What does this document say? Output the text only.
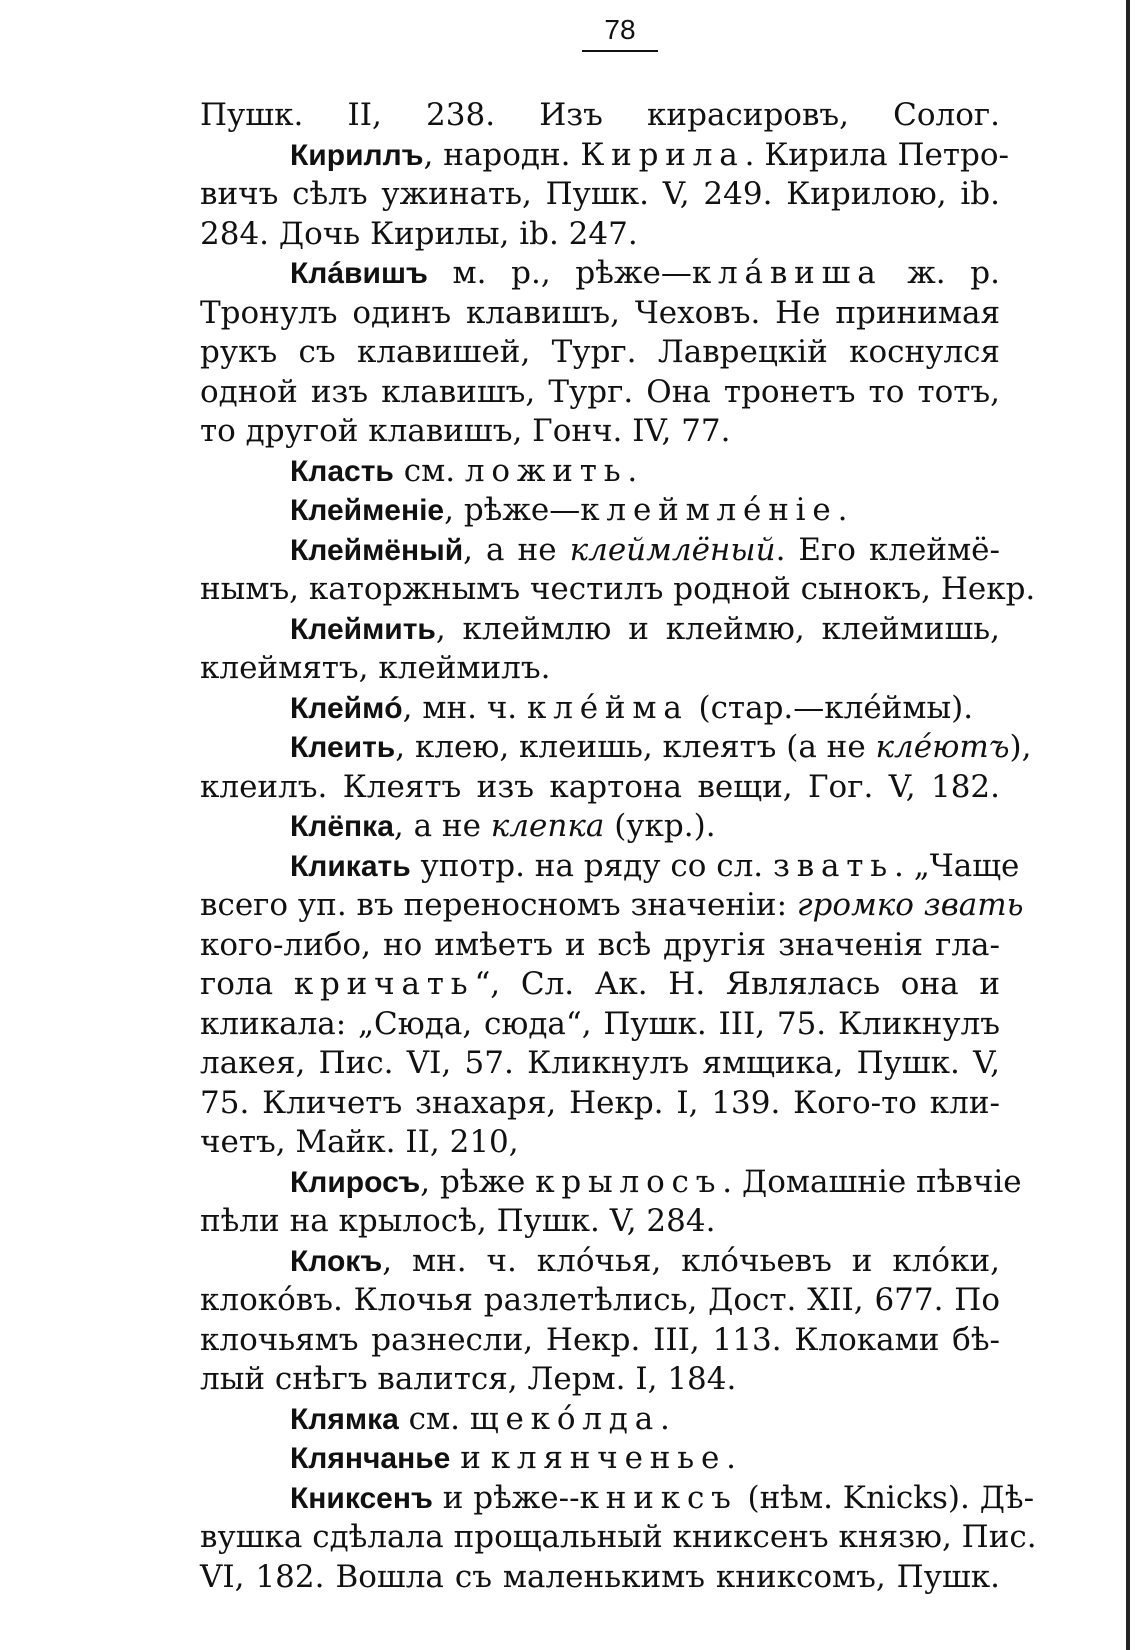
78
Пушк. II, 238. Изъ кирасировъ, Солог.
Кириллъ, народн. Кирила. Кирила Петро-
вичъ сѣлъ ужинать, Пушк. V, 249. Кирилою, ib.
284. Дочь Кирилы, ib. 247.
Клáвишъ м. р., рѣже—клáвиша ж. р.
Тронулъ одинъ клавишъ, Чеховъ. Не принимая
рукъ съ клавишей, Тург. Лаврецкій коснулся
одной изъ клавишъ, Тург. Она тронетъ то тотъ,
то другой клавишъ, Гонч. IV, 77.
Класть см. ложить.
Клейменіе, рѣже—клеймлéніе.
Клеймёный, а не клеймлёный. Его клеймё-
нымъ, каторжнымъ честилъ родной сынокъ, Некр.
Клеймить, клеймлю и клеймю, клеймишь,
клеймятъ, клеймилъ.
Клеймó, мн. ч. клéйма (стар.—клéймы).
Клеить, клею, клеишь, клеятъ (а не клéютъ),
клеилъ. Клеятъ изъ картона вещи, Гог. V, 182.
Клёпка, а не клепка (укр.).
Кликать употр. на ряду со сл. звать. „Чаще
всего уп. въ переносномъ значеніи: громко звать
кого-либо, но имѣетъ и всѣ другія значенія гла-
гола кричать“, Сл. Ак. Н. Являлась она и
кликала: „Сюда, сюда“, Пушк. III, 75. Кликнулъ
лакея, Пис. VI, 57. Кликнулъ ямщика, Пушк. V,
75. Кличетъ знахаря, Некр. I, 139. Кого-то кли-
четъ, Майк. II, 210,
Клиросъ, рѣже крылосъ. Домашніе пѣвчіе
пѣли на крылосѣ, Пушк. V, 284.
Клокъ, мн. ч. клóчья, клóчьевъ и клóки,
клокóвъ. Клочья разлетѣлись, Дост. XII, 677. По
клочьямъ разнесли, Некр. III, 113. Клоками бѣ-
лый снѣгъ валится, Лерм. I, 184.
Клямка см. щекóлда.
Клянчанье и клянченье.
Книксенъ и рѣже--книксъ (нѣм. Knicks). Дѣ-
вушка сдѣлала прощальный книксенъ князю, Пис.
VI, 182. Вошла съ маленькимъ книксомъ, Пушк.
